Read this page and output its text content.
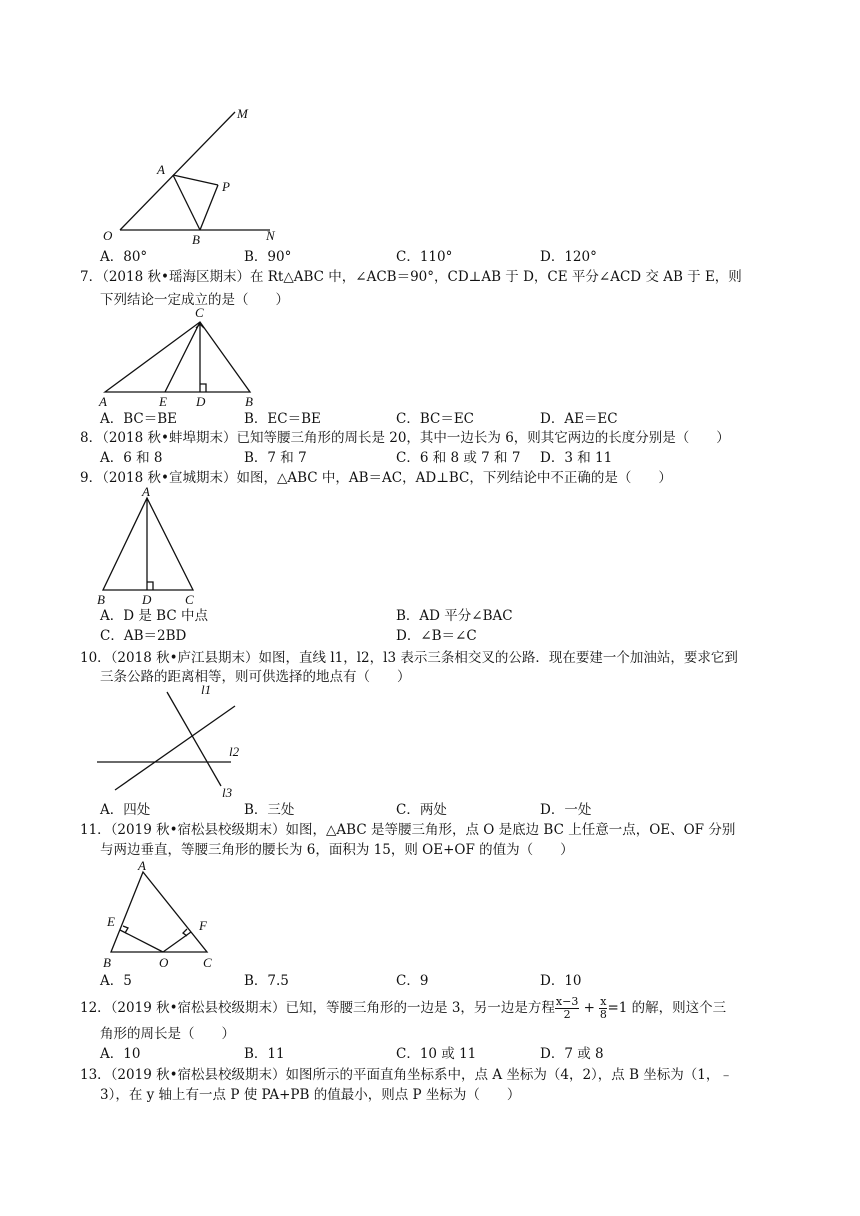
M
A
P
O	B	N
A．80°	B．90°	C．110°	D．120°
7．（2018 秋•瑶海区期末）在 Rt△ABC 中，∠ACB＝90°，CD⊥AB 于 D，CE 平分∠ACD 交 AB 于 E，则
下列结论一定成立的是（　　）
C
A	E D	B
A．BC＝BE	B．EC＝BE	C．BC＝EC	D．AE＝EC
8．（2018 秋•蚌埠期末）已知等腰三角形的周长是 20，其中一边长为 6，则其它两边的长度分别是（　　）
A．6 和 8	B．7 和 7	C．6 和 8 或 7 和 7 D．3 和 11
9．（2018 秋•宣城期末）如图，△ABC 中，AB＝AC，AD⊥BC，下列结论中不正确的是（　　）
A
B	D	C
A．D 是 BC 中点	B．AD 平分∠BAC
C．AB＝2BD	D．∠B＝∠C
10．（2018 秋•庐江县期末）如图，直线 l1，l2，l3 表示三条相交叉的公路．现在要建一个加油站，要求它到
三条公路的距离相等，则可供选择的地点有（　　）
l1
l2
l3
A．四处	B．三处	C．两处	D．一处
11．（2019 秋•宿松县校级期末）如图，△ABC 是等腰三角形，点 O 是底边 BC 上任意一点，OE、OF 分别
与两边垂直，等腰三角形的腰长为 6，面积为 15，则 OE+OF 的值为（　　）
A
E	F
B	O	C
A．5	B．7.5	C．9	D．10
12．（2019 秋•宿松县校级期末）已知，等腰三角形的一边是 3，另一边是方程 $\frac{x-3}{2} + \frac{x}{8} =1$ 的解，则这个三
角形的周长是（　　）
A．10	B．11	C．10 或 11	D．7 或 8
13．（2019 秋•宿松县校级期末）如图所示的平面直角坐标系中，点 A 坐标为（4，2），点 B 坐标为（1，﹣
3），在 y 轴上有一点 P 使 PA+PB 的值最小，则点 P 坐标为（　　）
